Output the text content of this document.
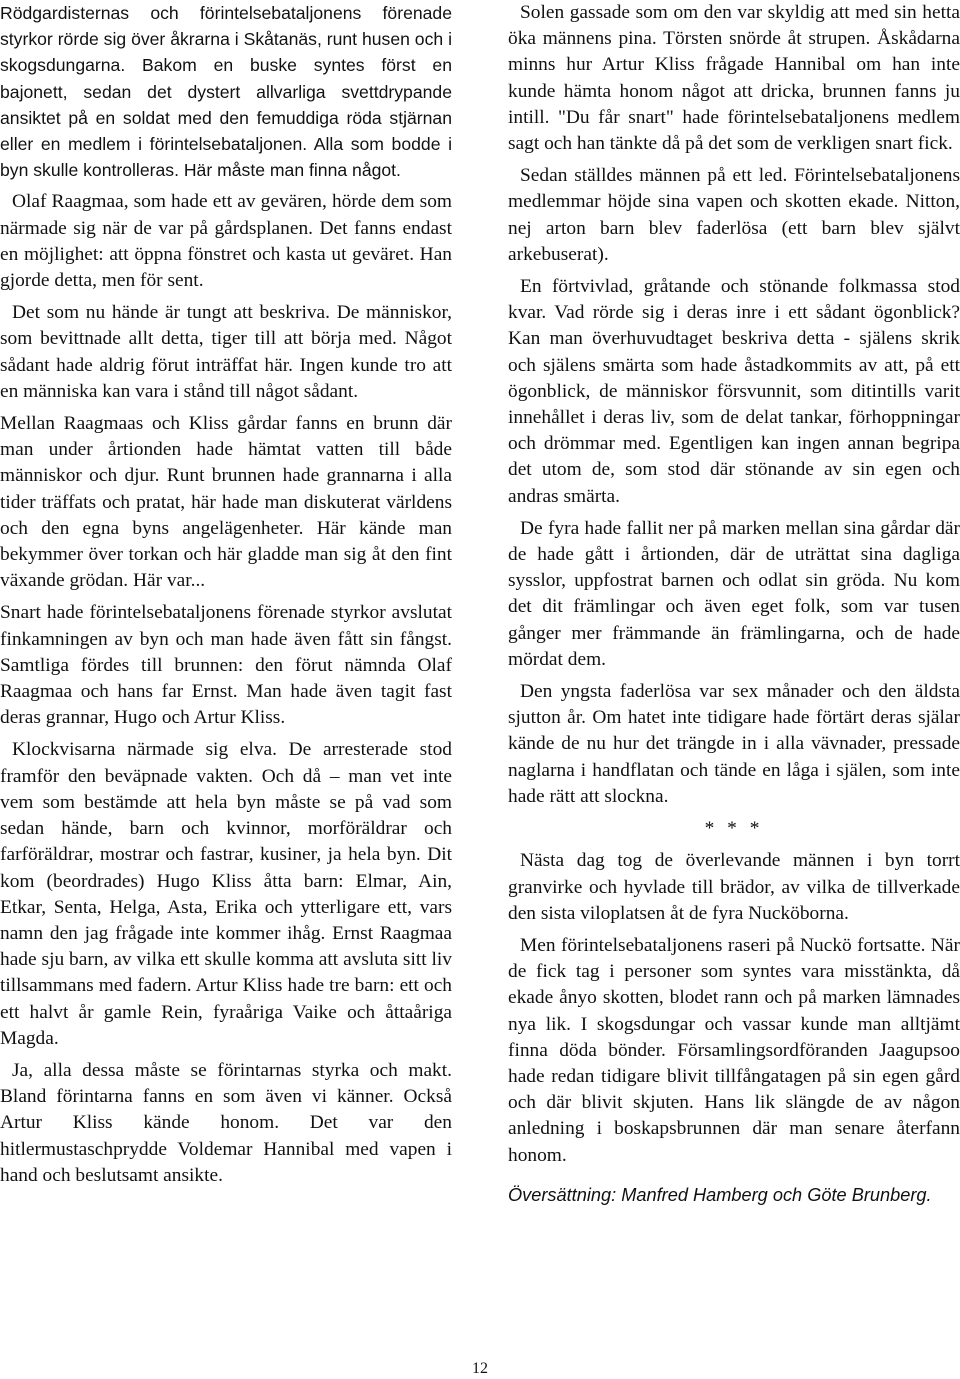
Rödgardisternas och förintelsebataljonens förenade styrkor rörde sig över åkrarna i Skåtanäs, runt husen och i skogsdungarna. Bakom en buske syntes först en bajonett, sedan det dystert allvarliga svettdrypande ansiktet på en soldat med den femuddiga röda stjärnan eller en medlem i förintelsebataljonen. Alla som bodde i byn skulle kontrolleras. Här måste man finna något.

Olaf Raagmaa, som hade ett av gevären, hörde dem som närmade sig när de var på gårdsplanen. Det fanns endast en möjlighet: att öppna fönstret och kasta ut geväret. Han gjorde detta, men för sent.

Det som nu hände är tungt att beskriva. De människor, som bevittnade allt detta, tiger till att börja med. Något sådant hade aldrig förut inträffat här. Ingen kunde tro att en människa kan vara i stånd till något sådant.

Mellan Raagmaas och Kliss gårdar fanns en brunn där man under årtionden hade hämtat vatten till både människor och djur. Runt brunnen hade grannarna i alla tider träffats och pratat, här hade man diskuterat världens och den egna byns angelägenheter. Här kände man bekymmer över torkan och här gladde man sig åt den fint växande grödan. Här var...

Snart hade förintelsebataljonens förenade styrkor avslutat finkamningen av byn och man hade även fått sin fångst. Samtliga fördes till brunnen: den förut nämnda Olaf Raagmaa och hans far Ernst. Man hade även tagit fast deras grannar, Hugo och Artur Kliss.

Klockvisarna närmade sig elva. De arresterade stod framför den beväpnade vakten. Och då – man vet inte vem som bestämde att hela byn måste se på vad som sedan hände, barn och kvinnor, morföräldrar och farföräldrar, mostrar och fastrar, kusiner, ja hela byn. Dit kom (beordrades) Hugo Kliss åtta barn: Elmar, Ain, Etkar, Senta, Helga, Asta, Erika och ytterligare ett, vars namn den jag frågade inte kommer ihåg. Ernst Raagmaa hade sju barn, av vilka ett skulle komma att avsluta sitt liv tillsammans med fadern. Artur Kliss hade tre barn: ett och ett halvt år gamle Rein, fyraåriga Vaike och åttaåriga Magda.

Ja, alla dessa måste se förintarnas styrka och makt. Bland förintarna fanns en som även vi känner. Också Artur Kliss kände honom. Det var den hitlermustaschprydde Voldemar Hannibal med vapen i hand och beslutsamt ansikte.

Solen gassade som om den var skyldig att med sin hetta öka männens pina. Törsten snörde åt strupen. Åskådarna minns hur Artur Kliss frågade Hannibal om han inte kunde hämta honom något att dricka, brunnen fanns ju intill. "Du får snart" hade förintelsebataljonens medlem sagt och han tänkte då på det som de verkligen snart fick.

Sedan ställdes männen på ett led. Förintelsebataljonens medlemmar höjde sina vapen och skotten ekade. Nitton, nej arton barn blev faderlösa (ett barn blev självt arkebuserat).

En förtvivlad, gråtande och stönande folkmassa stod kvar. Vad rörde sig i deras inre i ett sådant ögonblick? Kan man överhuvudtaget beskriva detta - själens skrik och själens smärta som hade åstadkommits av att, på ett ögonblick, de människor försvunnit, som ditintills varit innehållet i deras liv, som de delat tankar, förhoppningar och drömmar med. Egentligen kan ingen annan begripa det utom de, som stod där stönande av sin egen och andras smärta.

De fyra hade fallit ner på marken mellan sina gårdar där de hade gått i årtionden, där de uträttat sina dagliga sysslor, uppfostrat barnen och odlat sin gröda. Nu kom det dit främlingar och även eget folk, som var tusen gånger mer främmande än främlingarna, och de hade mördat dem.

Den yngsta faderlösa var sex månader och den äldsta sjutton år. Om hatet inte tidigare hade förtärt deras själar kände de nu hur det trängde in i alla vävnader, pressade naglarna i handflatan och tände en låga i själen, som inte hade rätt att slockna.

* * *

Nästa dag tog de överlevande männen i byn torrt granvirke och hyvlade till brädor, av vilka de tillverkade den sista viloplatsen åt de fyra Nucköborna.

Men förintelsebataljonens raseri på Nuckö fortsatte. När de fick tag i personer som syntes vara misstänkta, då ekade ånyo skotten, blodet rann och på marken lämnades nya lik. I skogsdungar och vassar kunde man alltjämt finna döda bönder. Församlingsordföranden Jaagupsoo hade redan tidigare blivit tillfångatagen på sin egen gård och där blivit skjuten. Hans lik slängde de av någon anledning i boskapsbrunnen där man senare återfann honom.

Översättning: Manfred Hamberg och Göte Brunberg.

12
